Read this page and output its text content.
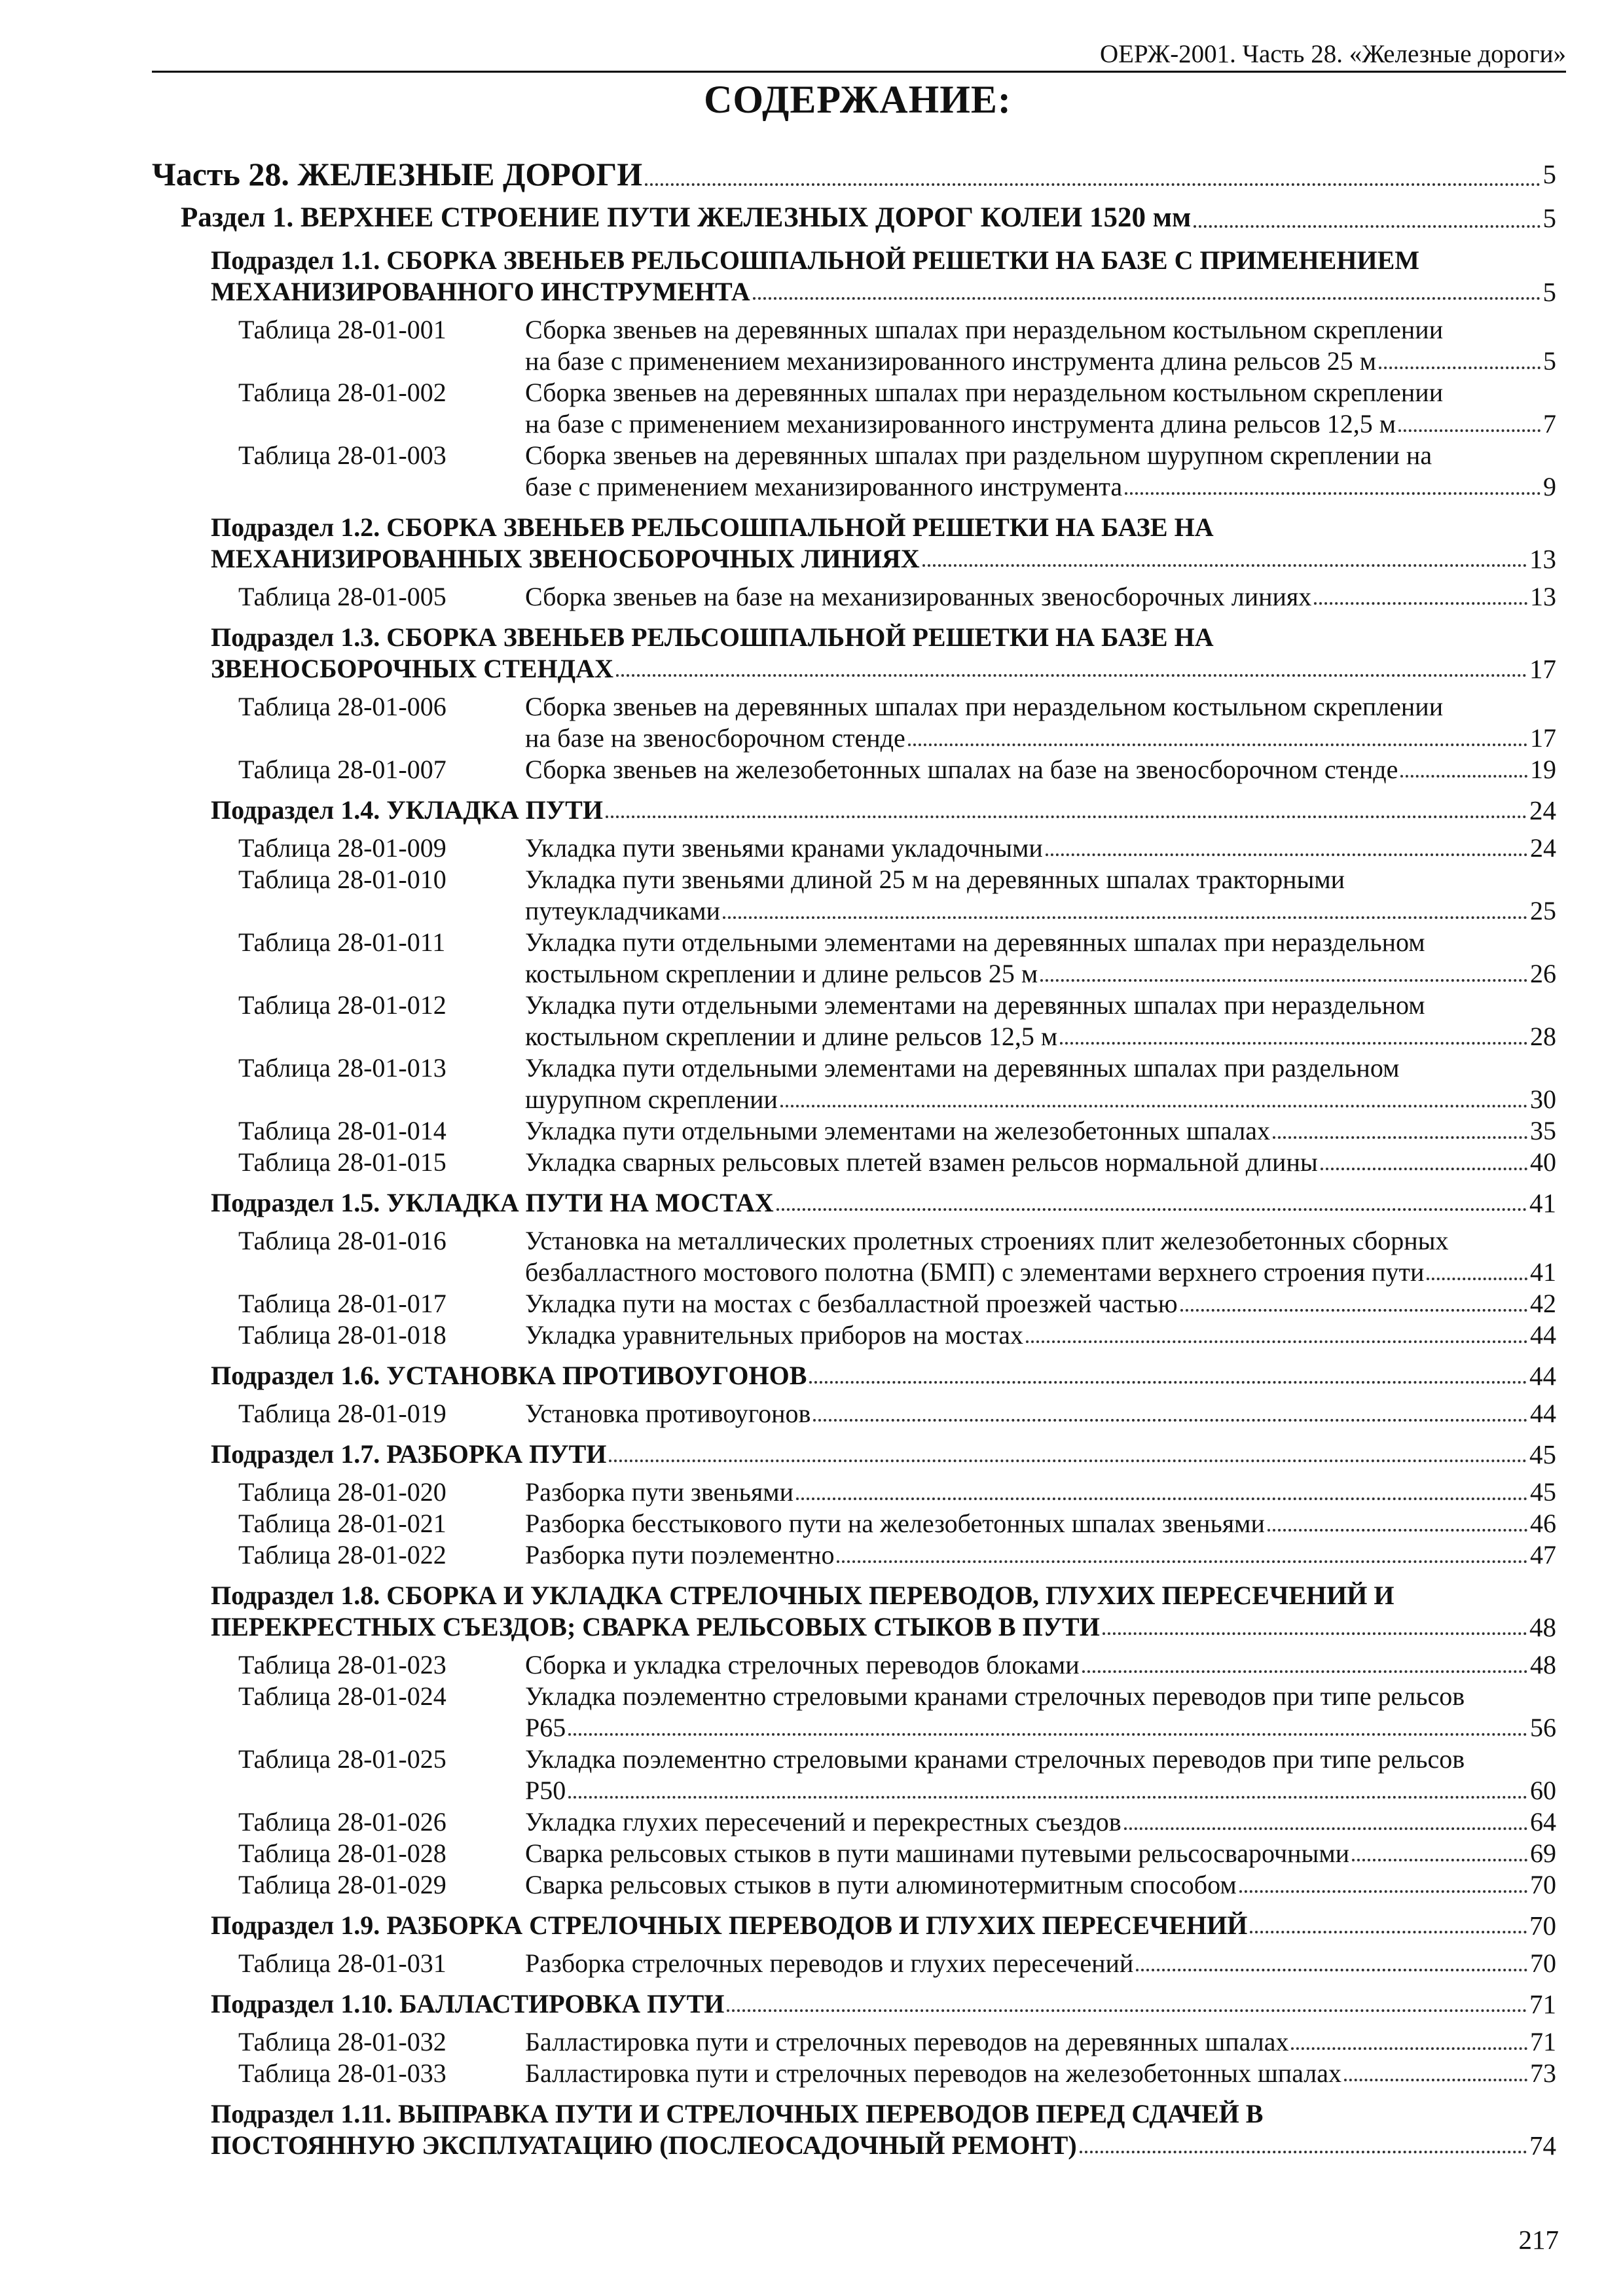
ОЕРЖ-2001. Часть 28. «Железные дороги»
СОДЕРЖАНИЕ:
Часть 28. ЖЕЛЕЗНЫЕ ДОРОГИ	5
Раздел 1. ВЕРХНЕЕ СТРОЕНИЕ ПУТИ ЖЕЛЕЗНЫХ ДОРОГ КОЛЕИ 1520 мм	5
Подраздел 1.1. СБОРКА ЗВЕНЬЕВ РЕЛЬСОШПАЛЬНОЙ РЕШЕТКИ НА БАЗЕ С ПРИМЕНЕНИЕМ
МЕХАНИЗИРОВАННОГО ИНСТРУМЕНТА	5
Таблица 28-01-001	Сборка звеньев на деревянных шпалах при нераздельном костыльном скреплении
на базе с применением механизированного инструмента длина рельсов 25 м	5
Таблица 28-01-002	Сборка звеньев на деревянных шпалах при нераздельном костыльном скреплении
на базе с применением механизированного инструмента длина рельсов 12,5 м	7
Таблица 28-01-003	Сборка звеньев на деревянных шпалах при раздельном шурупном скреплении на
базе с применением механизированного инструмента	9
Подраздел 1.2. СБОРКА ЗВЕНЬЕВ РЕЛЬСОШПАЛЬНОЙ РЕШЕТКИ НА БАЗЕ НА
МЕХАНИЗИРОВАННЫХ ЗВЕНОСБОРОЧНЫХ ЛИНИЯХ	13
Таблица 28-01-005	Сборка звеньев на базе на механизированных звеносборочных линиях	13
Подраздел 1.3. СБОРКА ЗВЕНЬЕВ РЕЛЬСОШПАЛЬНОЙ РЕШЕТКИ НА БАЗЕ НА
ЗВЕНОСБОРОЧНЫХ СТЕНДАХ	17
Таблица 28-01-006	Сборка звеньев на деревянных шпалах при нераздельном костыльном скреплении
на базе на звеносборочном стенде	17
Таблица 28-01-007	Сборка звеньев на железобетонных шпалах на базе на звеносборочном стенде	19
Подраздел 1.4. УКЛАДКА ПУТИ	24
Таблица 28-01-009	Укладка пути звеньями кранами укладочными	24
Таблица 28-01-010	Укладка пути звеньями длиной 25 м на деревянных шпалах тракторными
путеукладчиками	25
Таблица 28-01-011	Укладка пути отдельными элементами на деревянных шпалах при нераздельном
костыльном скреплении и длине рельсов 25 м	26
Таблица 28-01-012	Укладка пути отдельными элементами на деревянных шпалах при нераздельном
костыльном скреплении и длине рельсов 12,5 м	28
Таблица 28-01-013	Укладка пути отдельными элементами на деревянных шпалах при раздельном
шурупном скреплении	30
Таблица 28-01-014	Укладка пути отдельными элементами на железобетонных шпалах	35
Таблица 28-01-015	Укладка сварных рельсовых плетей взамен рельсов нормальной длины	40
Подраздел 1.5. УКЛАДКА ПУТИ НА МОСТАХ	41
Таблица 28-01-016	Установка на металлических пролетных строениях плит железобетонных сборных
безбалластного мостового полотна (БМП) с элементами верхнего строения пути	41
Таблица 28-01-017	Укладка пути на мостах с безбалластной проезжей частью	42
Таблица 28-01-018	Укладка уравнительных приборов на мостах	44
Подраздел 1.6. УСТАНОВКА ПРОТИВОУГОНОВ	44
Таблица 28-01-019	Установка противоугонов	44
Подраздел 1.7. РАЗБОРКА ПУТИ	45
Таблица 28-01-020	Разборка пути звеньями	45
Таблица 28-01-021	Разборка бесстыкового пути на железобетонных шпалах звеньями	46
Таблица 28-01-022	Разборка пути поэлементно	47
Подраздел 1.8. СБОРКА И УКЛАДКА СТРЕЛОЧНЫХ ПЕРЕВОДОВ, ГЛУХИХ ПЕРЕСЕЧЕНИЙ И
ПЕРЕКРЕСТНЫХ СЪЕЗДОВ; СВАРКА РЕЛЬСОВЫХ СТЫКОВ В ПУТИ	48
Таблица 28-01-023	Сборка и укладка стрелочных переводов блоками	48
Таблица 28-01-024	Укладка поэлементно стреловыми кранами стрелочных переводов при типе рельсов
Р65	56
Таблица 28-01-025	Укладка поэлементно стреловыми кранами стрелочных переводов при типе рельсов
Р50	60
Таблица 28-01-026	Укладка глухих пересечений и перекрестных съездов	64
Таблица 28-01-028	Сварка рельсовых стыков в пути машинами путевыми рельсосварочными	69
Таблица 28-01-029	Сварка рельсовых стыков в пути алюминотермитным способом	70
Подраздел 1.9. РАЗБОРКА СТРЕЛОЧНЫХ ПЕРЕВОДОВ И ГЛУХИХ ПЕРЕСЕЧЕНИЙ	70
Таблица 28-01-031	Разборка стрелочных переводов и глухих пересечений	70
Подраздел 1.10. БАЛЛАСТИРОВКА ПУТИ	71
Таблица 28-01-032	Балластировка пути и стрелочных переводов на деревянных шпалах	71
Таблица 28-01-033	Балластировка пути и стрелочных переводов на железобетонных шпалах	73
Подраздел 1.11. ВЫПРАВКА ПУТИ И СТРЕЛОЧНЫХ ПЕРЕВОДОВ ПЕРЕД СДАЧЕЙ В
ПОСТОЯННУЮ ЭКСПЛУАТАЦИЮ (ПОСЛЕОСАДОЧНЫЙ РЕМОНТ)	74
217
